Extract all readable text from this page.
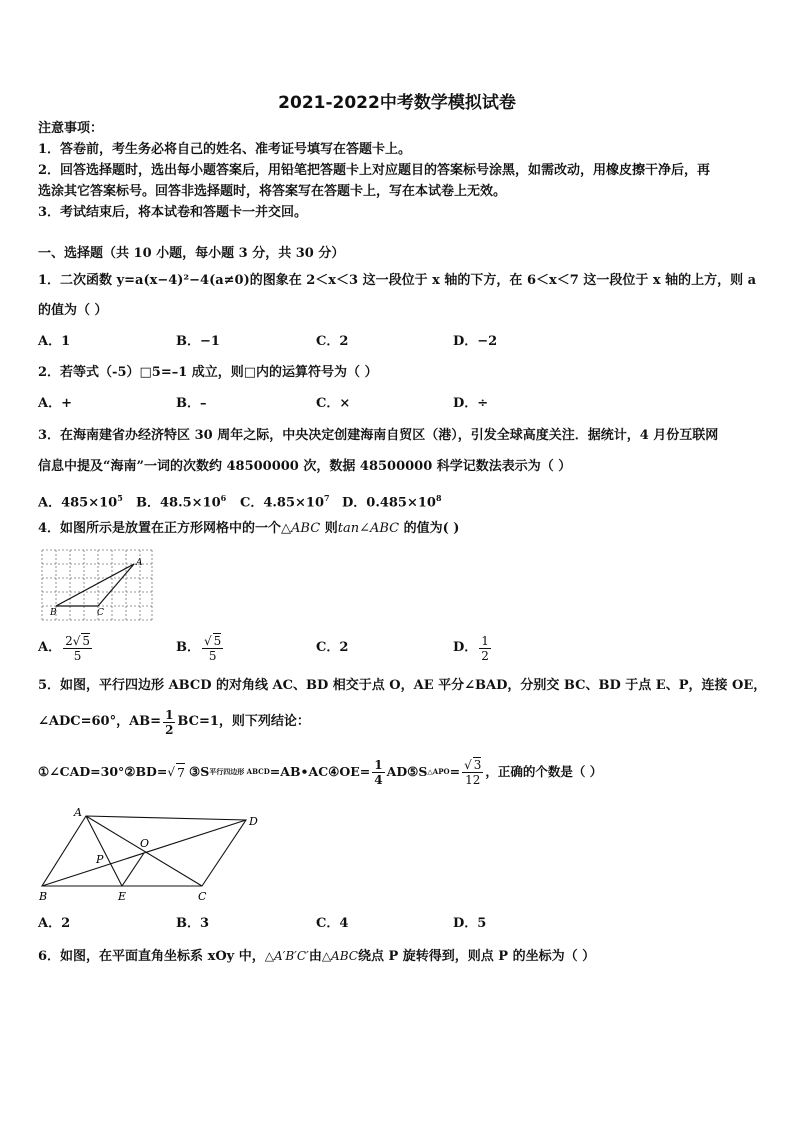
2021-2022中考数学模拟试卷
注意事项：
1．答卷前，考生务必将自己的姓名、准考证号填写在答题卡上。
2．回答选择题时，选出每小题答案后，用铅笔把答题卡上对应题目的答案标号涂黑，如需改动，用橡皮擦干净后，再
选涂其它答案标号。回答非选择题时，将答案写在答题卡上，写在本试卷上无效。
3．考试结束后，将本试卷和答题卡一并交回。
一、选择题（共 10 小题，每小题 3 分，共 30 分）
1．二次函数 y=a(x−4)²−4(a≠0)的图象在 2＜x＜3 这一段位于 x 轴的下方，在 6＜x＜7 这一段位于 x 轴的上方，则 a
的值为（ ）
A．1	B．−1	C．2	D．−2
2．若等式（-5）□5=–1 成立，则□内的运算符号为（ ）
A．+	B．–	C．×	D．÷
3．在海南建省办经济特区 30 周年之际，中央决定创建海南自贸区（港），引发全球高度关注．据统计，4 月份互联网
信息中提及“海南”一词的次数约 48500000 次，数据 48500000 科学记数法表示为（ ）
A．$485\times 10^5$ B．$48.5\times 10^6$ C．$4.85\times 10^7$ D．$0.485\times 10^8$
4．如图所示是放置在正方形网格中的一个△ABC 则tan∠ABC 的值为( )
A
B	C
A． $\frac{2√ 5}{5}$	B． $\frac{√ 5}{5}$	C．2	D． $\frac{1}{2}$
5．如图，平行四边形 ABCD 的对角线 AC、BD 相交于点 O，AE 平分∠BAD，分别交 BC、BD 于点 E、P，连接 OE，
∠ADC=60°，$AB= \frac{1}{2} BC=1$，则下列结论：
①∠CAD=30°②BD= √ 7 ③S 平行四边形 ABCD =AB•AC④OE= $\frac{1}{4}$ AD⑤S △APO = $\frac{√ 3}{12}$ ，正确的个数是（ ）
A
B	C
D
O
P
E
A．2	B．3	C．4	D．5
6．如图，在平面直角坐标系 xOy 中，△A′B′C′由△ABC绕点 P 旋转得到，则点 P 的坐标为（ ）
